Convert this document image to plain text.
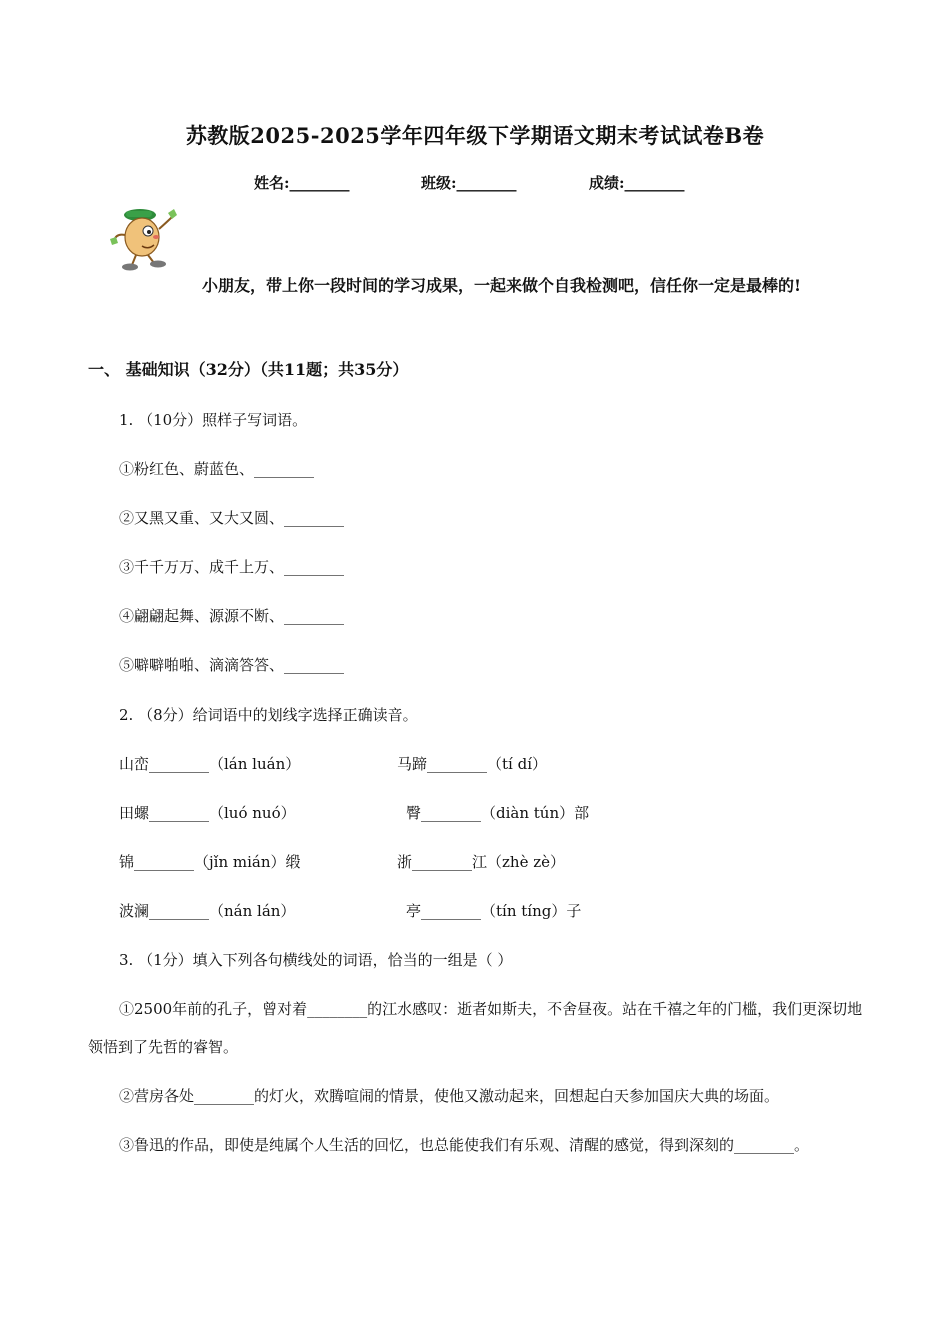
苏教版2025-2025学年四年级下学期语文期末考试试卷B卷
姓名:________	班级:________	成绩:________
小朋友，带上你一段时间的学习成果，一起来做个自我检测吧，信任你一定是最棒的!
一、 基础知识（32分）（共11题；共35分）
1. （10分）照样子写词语。
①粉红色、蔚蓝色、________
②又黑又重、又大又圆、________
③千千万万、成千上万、________
④翩翩起舞、源源不断、________
⑤噼噼啪啪、滴滴答答、________
2. （8分）给词语中的划线字选择正确读音。
山峦________（lán luán）	马蹄________（tí dí）
田螺________（luó nuó）	臀________（diàn tún）部
锦________（jǐn mián）缎	浙________江（zhè zè）
波澜________（nán lán）	亭________（tín tíng）子
3. （1分）填入下列各句横线处的词语，恰当的一组是（ ）
①2500年前的孔子，曾对着________的江水感叹：逝者如斯夫，不舍昼夜。站在千禧之年的门槛，我们更深切地领悟到了先哲的睿智。
②营房各处________的灯火，欢腾喧闹的情景，使他又激动起来，回想起白天参加国庆大典的场面。
③鲁迅的作品，即使是纯属个人生活的回忆，也总能使我们有乐观、清醒的感觉，得到深刻的________。
